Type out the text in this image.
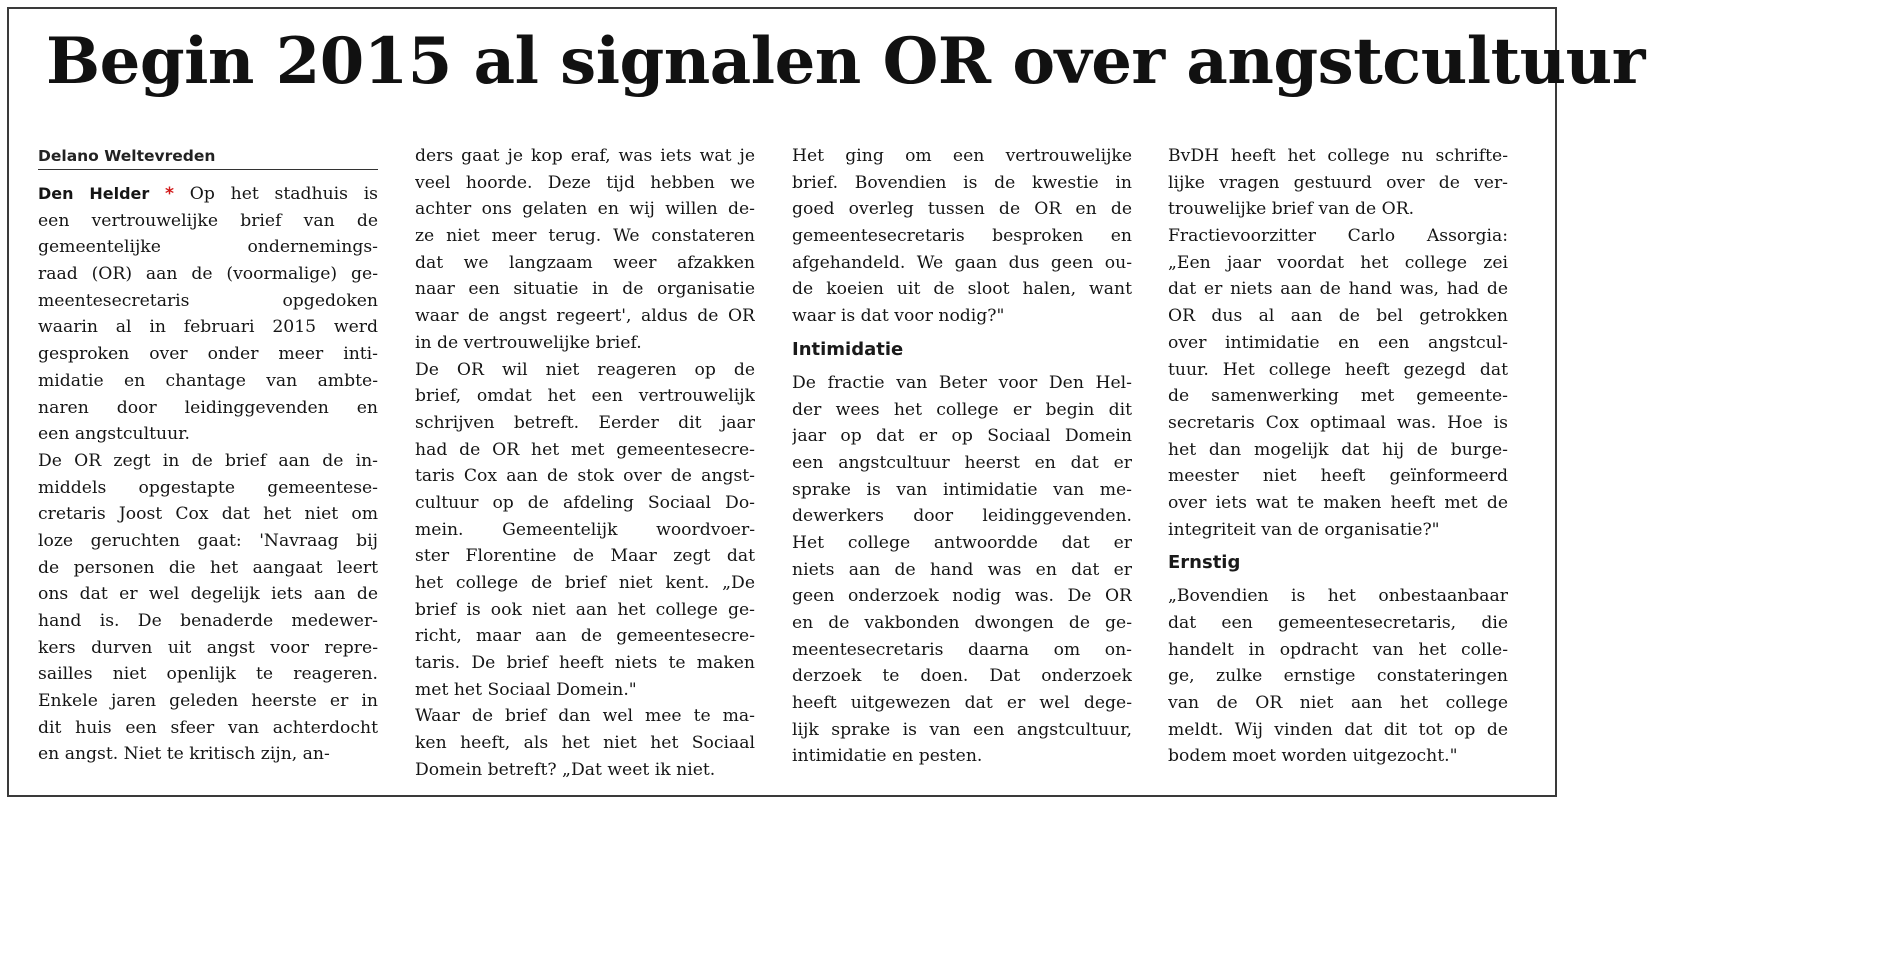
Begin 2015 al signalen OR over angstcultuur
Delano Weltevreden
Den Helder * Op het stadhuis is
een vertrouwelijke brief van de
gemeentelijke ondernemings-
raad (OR) aan de (voormalige) ge-
meentesecretaris opgedoken
waarin al in februari 2015 werd
gesproken over onder meer inti-
midatie en chantage van ambte-
naren door leidinggevenden en
een angstcultuur.
De OR zegt in de brief aan de in-
middels opgestapte gemeentese-
cretaris Joost Cox dat het niet om
loze geruchten gaat: 'Navraag bij
de personen die het aangaat leert
ons dat er wel degelijk iets aan de
hand is. De benaderde medewer-
kers durven uit angst voor repre-
sailles niet openlijk te reageren.
Enkele jaren geleden heerste er in
dit huis een sfeer van achterdocht
en angst. Niet te kritisch zijn, an-
ders gaat je kop eraf, was iets wat je
veel hoorde. Deze tijd hebben we
achter ons gelaten en wij willen de-
ze niet meer terug. We constateren
dat we langzaam weer afzakken
naar een situatie in de organisatie
waar de angst regeert', aldus de OR
in de vertrouwelijke brief.
De OR wil niet reageren op de
brief, omdat het een vertrouwelijk
schrijven betreft. Eerder dit jaar
had de OR het met gemeentesecre-
taris Cox aan de stok over de angst-
cultuur op de afdeling Sociaal Do-
mein. Gemeentelijk woordvoer-
ster Florentine de Maar zegt dat
het college de brief niet kent. „De
brief is ook niet aan het college ge-
richt, maar aan de gemeentesecre-
taris. De brief heeft niets te maken
met het Sociaal Domein."
Waar de brief dan wel mee te ma-
ken heeft, als het niet het Sociaal
Domein betreft? „Dat weet ik niet.
Het ging om een vertrouwelijke
brief. Bovendien is de kwestie in
goed overleg tussen de OR en de
gemeentesecretaris besproken en
afgehandeld. We gaan dus geen ou-
de koeien uit de sloot halen, want
waar is dat voor nodig?"
Intimidatie
De fractie van Beter voor Den Hel-
der wees het college er begin dit
jaar op dat er op Sociaal Domein
een angstcultuur heerst en dat er
sprake is van intimidatie van me-
dewerkers door leidinggevenden.
Het college antwoordde dat er
niets aan de hand was en dat er
geen onderzoek nodig was. De OR
en de vakbonden dwongen de ge-
meentesecretaris daarna om on-
derzoek te doen. Dat onderzoek
heeft uitgewezen dat er wel dege-
lijk sprake is van een angstcultuur,
intimidatie en pesten.
BvDH heeft het college nu schrifte-
lijke vragen gestuurd over de ver-
trouwelijke brief van de OR.
Fractievoorzitter Carlo Assorgia:
„Een jaar voordat het college zei
dat er niets aan de hand was, had de
OR dus al aan de bel getrokken
over intimidatie en een angstcul-
tuur. Het college heeft gezegd dat
de samenwerking met gemeente-
secretaris Cox optimaal was. Hoe is
het dan mogelijk dat hij de burge-
meester niet heeft geïnformeerd
over iets wat te maken heeft met de
integriteit van de organisatie?"
Ernstig
„Bovendien is het onbestaanbaar
dat een gemeentesecretaris, die
handelt in opdracht van het colle-
ge, zulke ernstige constateringen
van de OR niet aan het college
meldt. Wij vinden dat dit tot op de
bodem moet worden uitgezocht."
